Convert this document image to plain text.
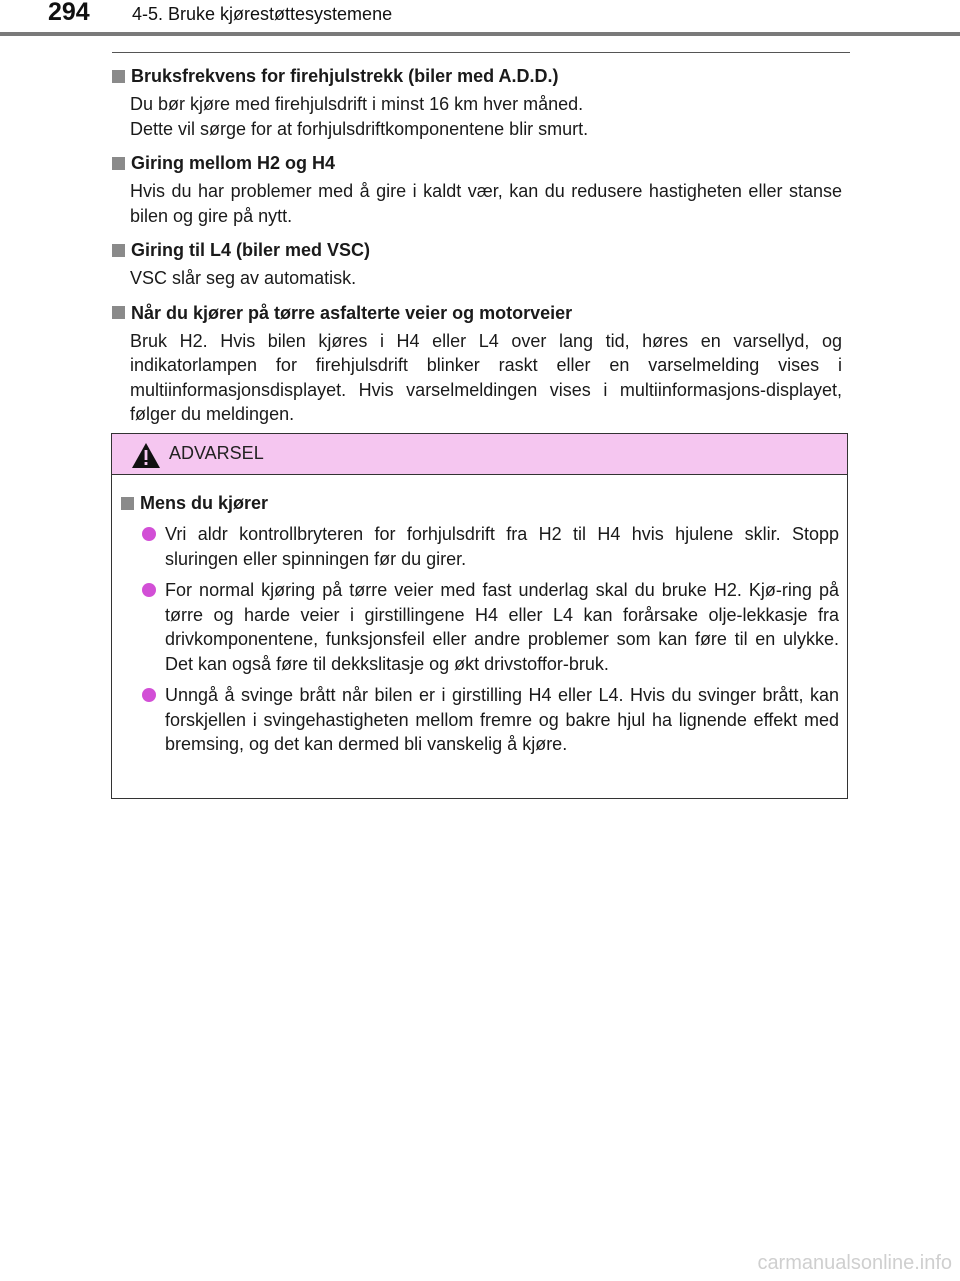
294 4-5. Bruke kjørestøttesystemene

Bruksfrekvens for firehjulstrekk (biler med A.D.D.)

Du bør kjøre med firehjulsdrift i minst 16 km hver måned.
Dette vil sørge for at forhjulsdriftkomponentene blir smurt.

Giring mellom H2 og H4

Hvis du har problemer med å gire i kaldt vær, kan du redusere hastigheten eller stanse bilen og gire på nytt.

Giring til L4 (biler med VSC)

VSC slår seg av automatisk.

Når du kjører på tørre asfalterte veier og motorveier

Bruk H2. Hvis bilen kjøres i H4 eller L4 over lang tid, høres en varsellyd, og indikatorlampen for firehjulsdrift blinker raskt eller en varselmelding vises i multiinformasjonsdisplayet. Hvis varselmeldingen vises i multiinformasjons-displayet, følger du meldingen.

ADVARSEL
Mens du kjører
Vri aldr kontrollbryteren for forhjulsdrift fra H2 til H4 hvis hjulene sklir. Stopp sluringen eller spinningen før du girer.
For normal kjøring på tørre veier med fast underlag skal du bruke H2. Kjø-ring på tørre og harde veier i girstillingene H4 eller L4 kan forårsake olje-lekkasje fra drivkomponentene, funksjonsfeil eller andre problemer som kan føre til en ulykke. Det kan også føre til dekkslitasje og økt drivstoffor-bruk.
Unngå å svinge brått når bilen er i girstilling H4 eller L4. Hvis du svinger brått, kan forskjellen i svingehastigheten mellom fremre og bakre hjul ha lignende effekt med bremsing, og det kan dermed bli vanskelig å kjøre.
carmanualsonline.info
